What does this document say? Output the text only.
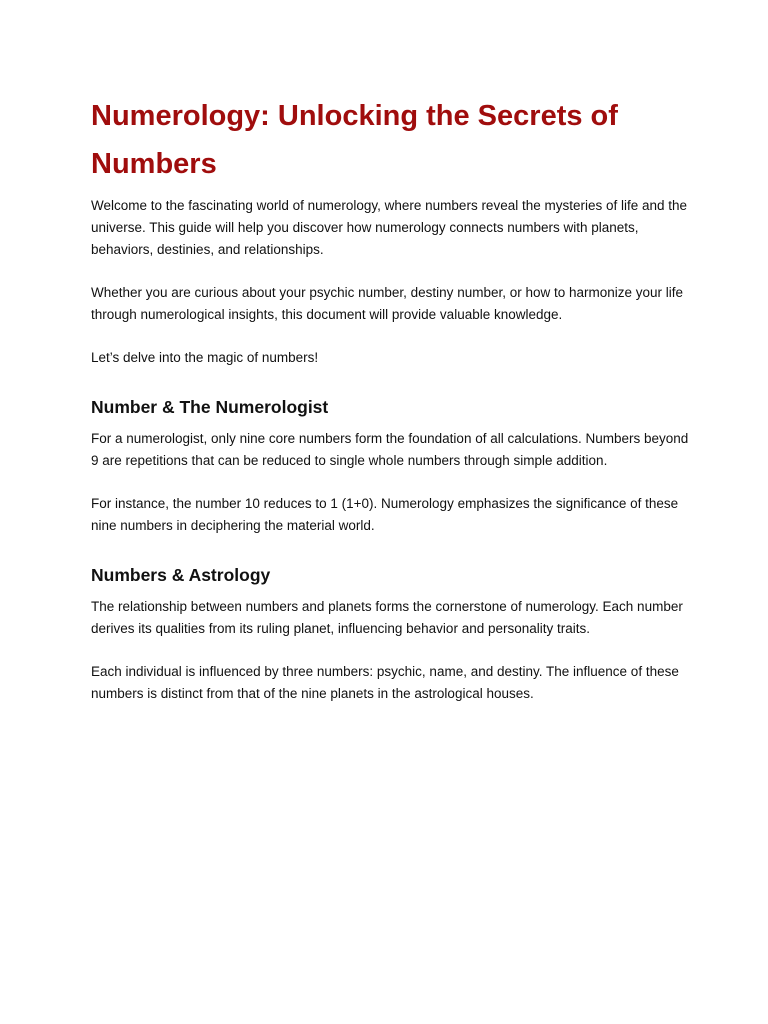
Numerology: Unlocking the Secrets of Numbers

Welcome to the fascinating world of numerology, where numbers reveal the mysteries of life and the universe. This guide will help you discover how numerology connects numbers with planets, behaviors, destinies, and relationships.

Whether you are curious about your psychic number, destiny number, or how to harmonize your life through numerological insights, this document will provide valuable knowledge.

Let’s delve into the magic of numbers!

Number & The Numerologist

For a numerologist, only nine core numbers form the foundation of all calculations. Numbers beyond 9 are repetitions that can be reduced to single whole numbers through simple addition.

For instance, the number 10 reduces to 1 (1+0). Numerology emphasizes the significance of these nine numbers in deciphering the material world.

Numbers & Astrology

The relationship between numbers and planets forms the cornerstone of numerology. Each number derives its qualities from its ruling planet, influencing behavior and personality traits.

Each individual is influenced by three numbers: psychic, name, and destiny. The influence of these numbers is distinct from that of the nine planets in the astrological houses.
